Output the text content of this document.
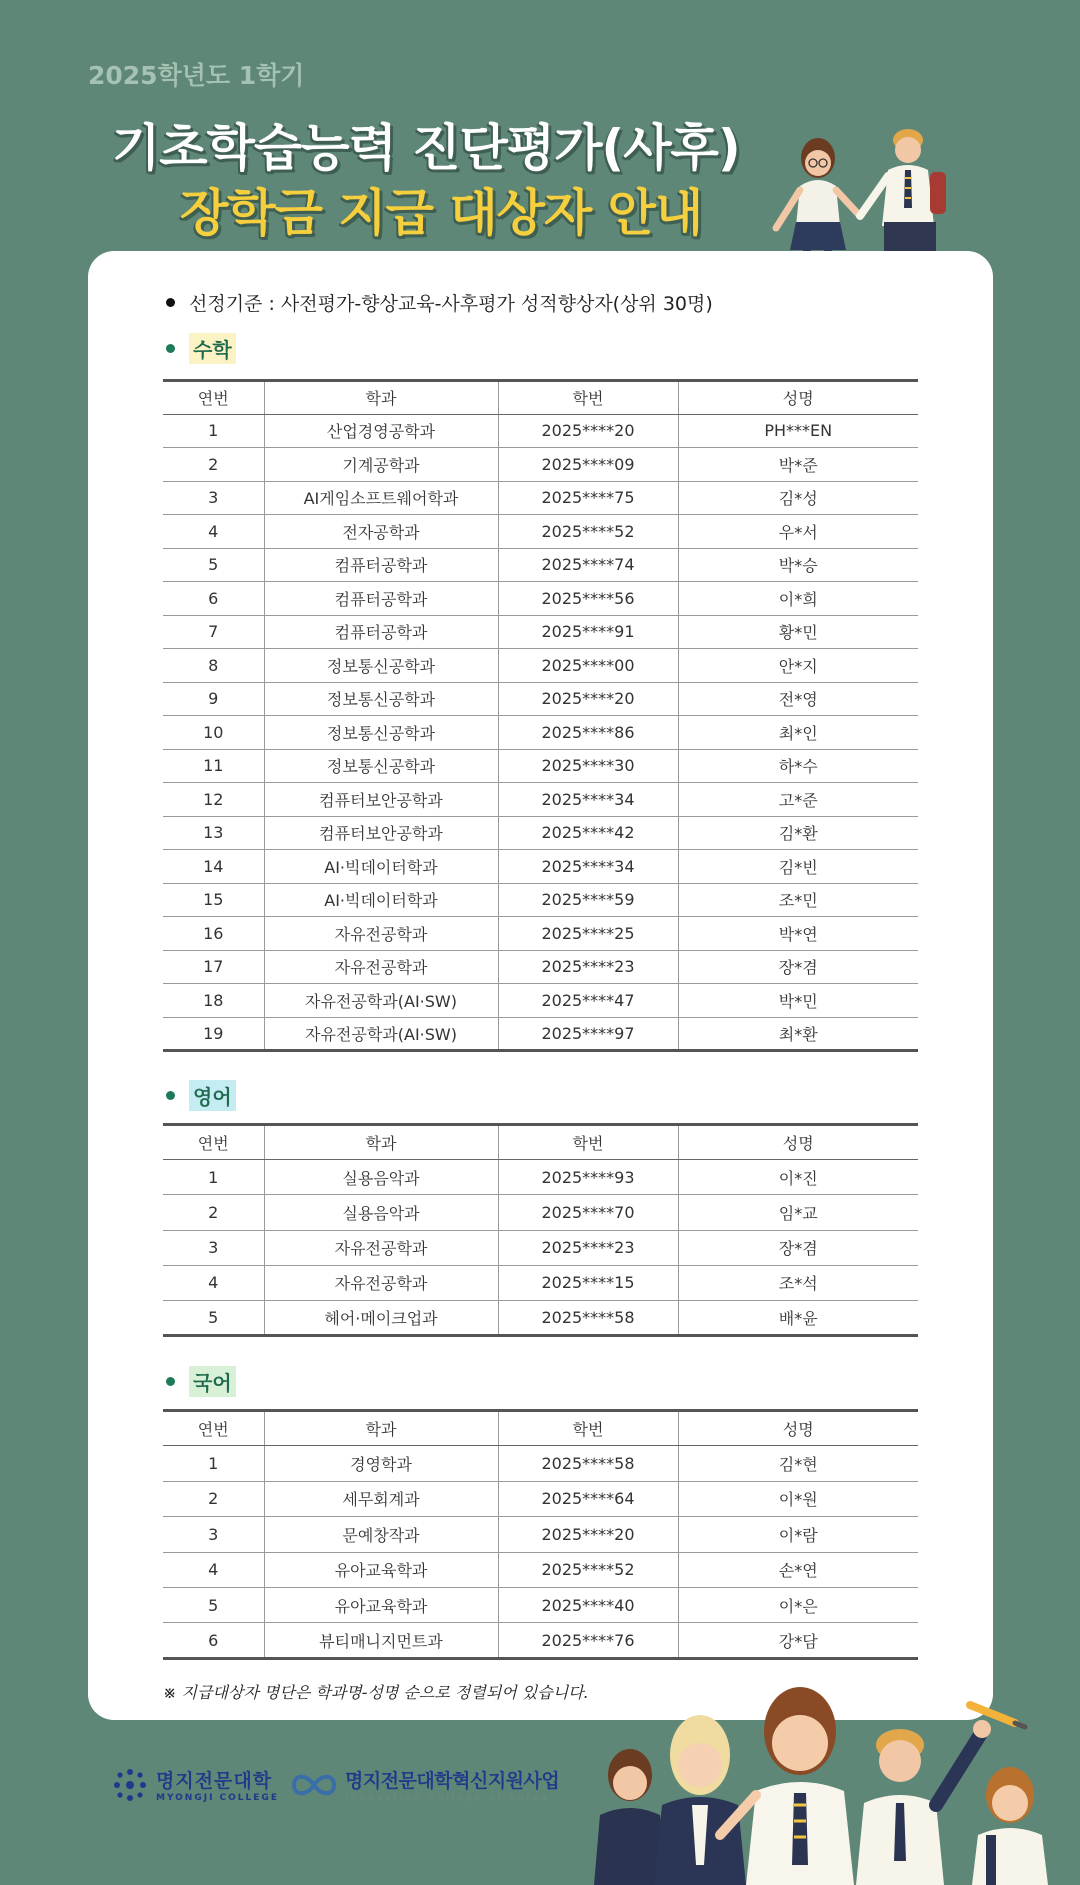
2025학년도 1학기
기초학습능력 진단평가(사후)
장학금 지급 대상자 안내
선정기준 : 사전평가-향상교육-사후평가 성적향상자(상위 30명)
수학
연번	학과	학번	성명
1	산업경영공학과	2025****20	PH***EN
2	기계공학과	2025****09	박*준
3	AI게임소프트웨어학과	2025****75	김*성
4	전자공학과	2025****52	우*서
5	컴퓨터공학과	2025****74	박*승
6	컴퓨터공학과	2025****56	이*희
7	컴퓨터공학과	2025****91	황*민
8	정보통신공학과	2025****00	안*지
9	정보통신공학과	2025****20	전*영
10	정보통신공학과	2025****86	최*인
11	정보통신공학과	2025****30	하*수
12	컴퓨터보안공학과	2025****34	고*준
13	컴퓨터보안공학과	2025****42	김*환
14	AI·빅데이터학과	2025****34	김*빈
15	AI·빅데이터학과	2025****59	조*민
16	자유전공학과	2025****25	박*연
17	자유전공학과	2025****23	장*겸
18	자유전공학과(AI·SW)	2025****47	박*민
19	자유전공학과(AI·SW)	2025****97	최*환
영어
연번	학과	학번	성명
1	실용음악과	2025****93	이*진
2	실용음악과	2025****70	임*교
3	자유전공학과	2025****23	장*겸
4	자유전공학과	2025****15	조*석
5	헤어·메이크업과	2025****58	배*윤
국어
연번	학과	학번	성명
1	경영학과	2025****58	김*현
2	세무회계과	2025****64	이*원
3	문예창작과	2025****20	이*람
4	유아교육학과	2025****52	손*연
5	유아교육학과	2025****40	이*은
6	뷰티매니지먼트과	2025****76	강*담
※ 지급대상자 명단은 학과명-성명 순으로 정렬되어 있습니다.
명지전문대학
MYONGJI COLLEGE
명지전문대학혁신지원사업
Innovation College of Korea
